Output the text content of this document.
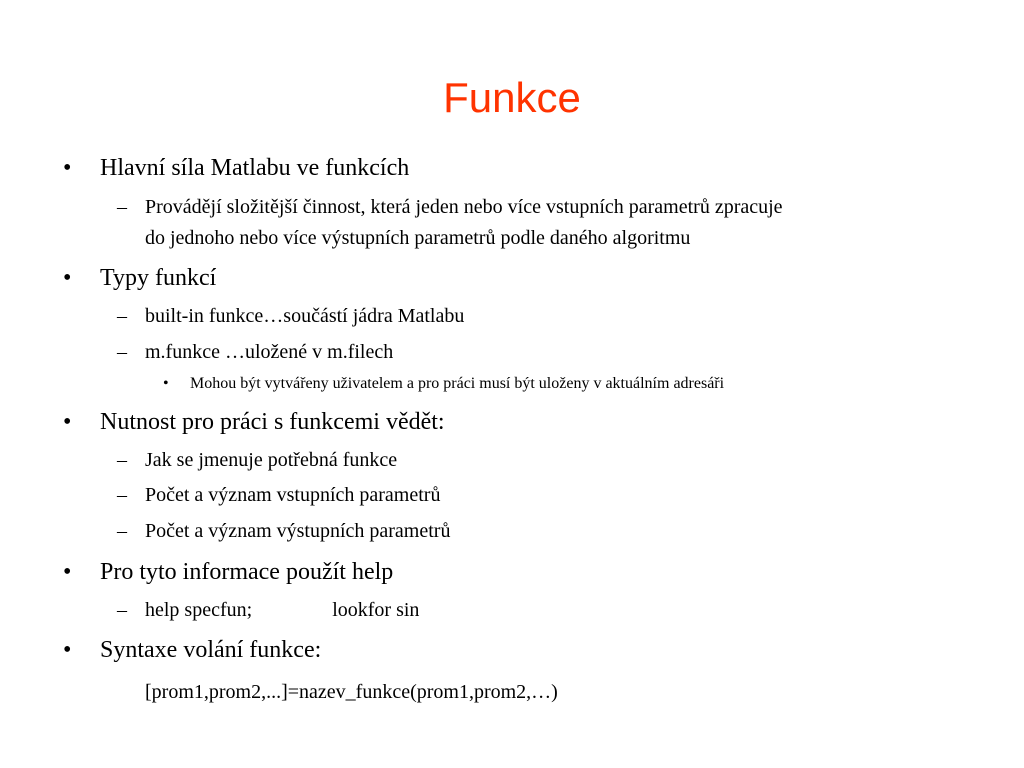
Funkce
• Hlavní síla Matlabu ve funkcích
– Provádějí složitější činnost, která jeden nebo více vstupních parametrů zpracuje
do jednoho nebo více výstupních parametrů podle daného algoritmu
• Typy funkcí
– built-in funkce…součástí jádra Matlabu
– m.funkce …uložené v m.filech
• Mohou být vytvářeny uživatelem a pro práci musí být uloženy v aktuálním adresáři
• Nutnost pro práci s funkcemi vědět:
– Jak se jmenuje potřebná funkce
– Počet a význam vstupních parametrů
– Počet a význam výstupních parametrů
• Pro tyto informace použít help
– help specfun;	lookfor sin
• Syntaxe volání funkce:
[prom1,prom2,...]=nazev_funkce(prom1,prom2,…)
